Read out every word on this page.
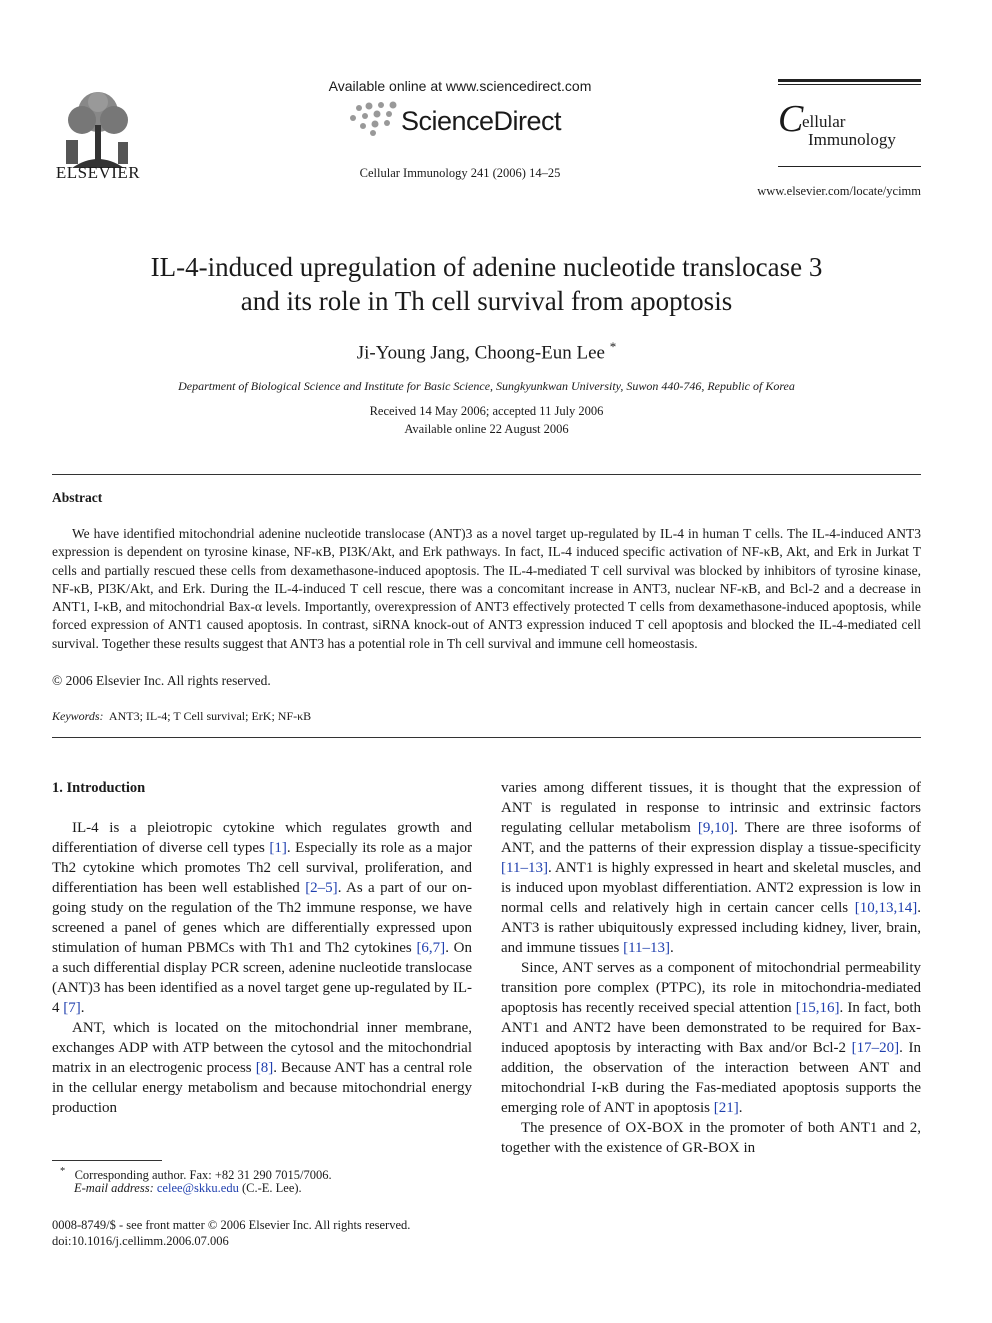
ELSEVIER
Available online at www.sciencedirect.com
ScienceDirect
Cellular Immunology 241 (2006) 14–25
C
ellular
Immunology
www.elsevier.com/locate/ycimm
IL-4-induced upregulation of adenine nucleotide translocase 3
and its role in Th cell survival from apoptosis
Ji-Young Jang, Choong-Eun Lee *
Department of Biological Science and Institute for Basic Science, Sungkyunkwan University, Suwon 440-746, Republic of Korea
Received 14 May 2006; accepted 11 July 2006
Available online 22 August 2006
Abstract
We have identified mitochondrial adenine nucleotide translocase (ANT)3 as a novel target up-regulated by IL-4 in human T cells. The IL-4-induced ANT3 expression is dependent on tyrosine kinase, NF-κB, PI3K/Akt, and Erk pathways. In fact, IL-4 induced specific activation of NF-κB, Akt, and Erk in Jurkat T cells and partially rescued these cells from dexamethasone-induced apoptosis. The IL-4-mediated T cell survival was blocked by inhibitors of tyrosine kinase, NF-κB, PI3K/Akt, and Erk. During the IL-4-induced T cell rescue, there was a concomitant increase in ANT3, nuclear NF-κB, and Bcl-2 and a decrease in ANT1, I-κB, and mitochondrial Bax-α levels. Importantly, overexpression of ANT3 effectively protected T cells from dexamethasone-induced apoptosis, while forced expression of ANT1 caused apoptosis. In contrast, siRNA knock-out of ANT3 expression induced T cell apoptosis and blocked the IL-4-mediated cell survival. Together these results suggest that ANT3 has a potential role in Th cell survival and immune cell homeostasis.
© 2006 Elsevier Inc. All rights reserved.
Keywords: ANT3; IL-4; T Cell survival; ErK; NF-κB

1. Introduction

IL-4 is a pleiotropic cytokine which regulates growth and differentiation of diverse cell types [1]. Especially its role as a major Th2 cytokine which promotes Th2 cell survival, proliferation, and differentiation has been well established [2–5]. As a part of our on-going study on the regulation of the Th2 immune response, we have screened a panel of genes which are differentially expressed upon stimulation of human PBMCs with Th1 and Th2 cytokines [6,7]. On a such differential display PCR screen, adenine nucleotide translocase (ANT)3 has been identified as a novel target gene up-regulated by IL-4 [7].

ANT, which is located on the mitochondrial inner membrane, exchanges ADP with ATP between the cytosol and the mitochondrial matrix in an electrogenic process [8]. Because ANT has a central role in the cellular energy metabolism and because mitochondrial energy production

varies among different tissues, it is thought that the expression of ANT is regulated in response to intrinsic and extrinsic factors regulating cellular metabolism [9,10]. There are three isoforms of ANT, and the patterns of their expression display a tissue-specificity [11–13]. ANT1 is highly expressed in heart and skeletal muscles, and is induced upon myoblast differentiation. ANT2 expression is low in normal cells and relatively high in certain cancer cells [10,13,14]. ANT3 is rather ubiquitously expressed including kidney, liver, brain, and immune tissues [11–13].

Since, ANT serves as a component of mitochondrial permeability transition pore complex (PTPC), its role in mitochondria-mediated apoptosis has recently received special attention [15,16]. In fact, both ANT1 and ANT2 have been demonstrated to be required for Bax-induced apoptosis by interacting with Bax and/or Bcl-2 [17–20]. In addition, the observation of the interaction between ANT and mitochondrial I-κB during the Fas-mediated apoptosis supports the emerging role of ANT in apoptosis [21].

The presence of OX-BOX in the promoter of both ANT1 and 2, together with the existence of GR-BOX in

* Corresponding author. Fax: +82 31 290 7015/7006.
E-mail address: celee@skku.edu (C.-E. Lee).
0008-8749/$ - see front matter © 2006 Elsevier Inc. All rights reserved.
doi:10.1016/j.cellimm.2006.07.006
